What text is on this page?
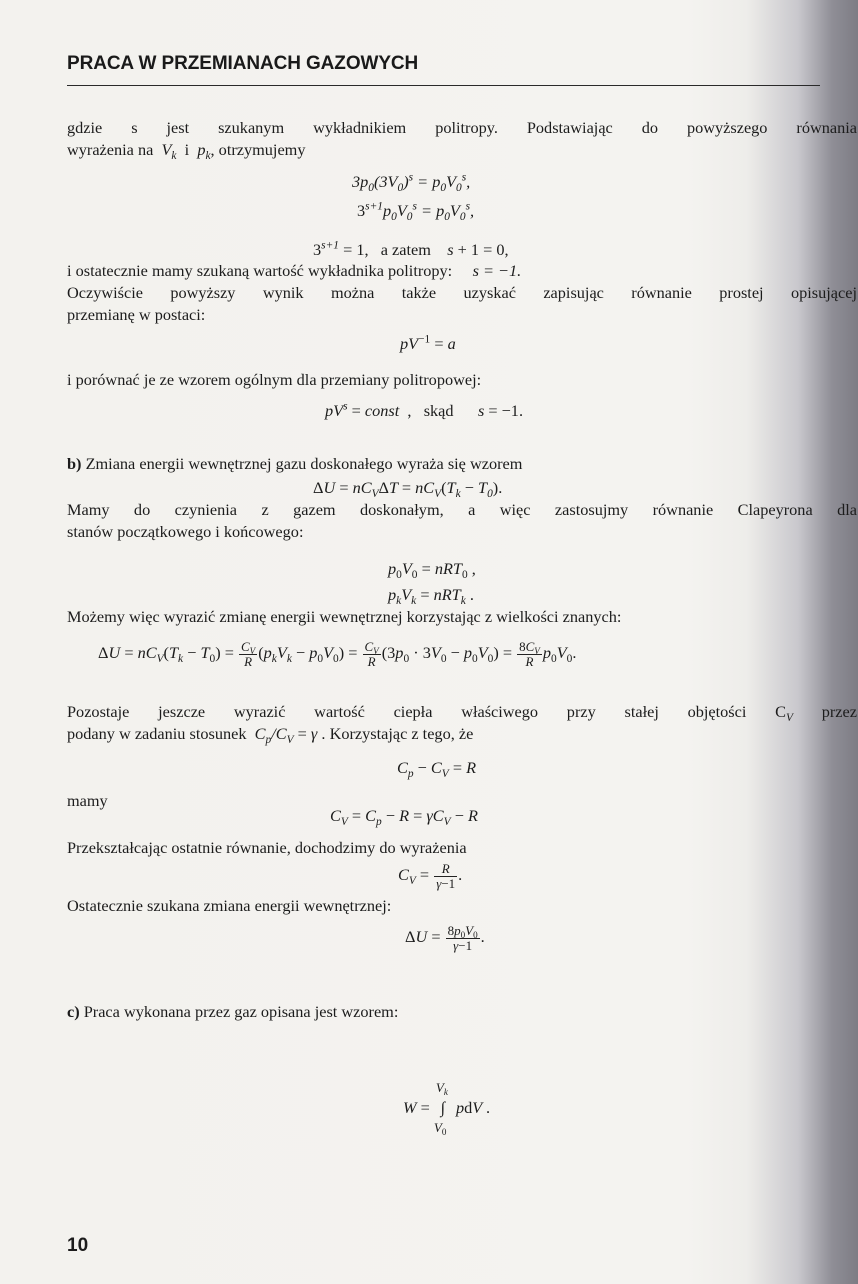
PRACA W PRZEMIANACH GAZOWYCH
gdzie s jest szukanym wykładnikiem politropy. Podstawiając do powyższego równania
wyrażenia na $V_k$ i $p_k$, otrzymujemy
$3p_0(3V_0)^s = p_0V_0^s$,
$3^{s+1}p_0V_0^s = p_0V_0^s$,
$3^{s+1} = 1$,   a zatem    s + 1 = 0,
i ostatecznie mamy szukaną wartość wykładnika politropy: s = −1.
Oczywiście powyższy wynik można także uzyskać zapisując równanie prostej opisującej
przemianę w postaci:
$pV^{-1} = a$
i porównać je ze wzorem ogólnym dla przemiany politropowej:
$pV^s$ = const  ,   skąd      s = −1.
b) Zmiana energii wewnętrznej gazu doskonałego wyraża się wzorem
$\Delta U = nC_V\Delta T = nC_V(T_k - T_0)$.
Mamy do czynienia z gazem doskonałym, a więc zastosujmy równanie Clapeyrona dla
stanów początkowego i końcowego:
$p_0V_0 = nRT_0$ ,
$p_kV_k = nRT_k$ .
Możemy więc wyrazić zmianę energii wewnętrznej korzystając z wielkości znanych:
$\Delta U = nC_V(T_k - T_0) = \frac{C_V}{R} (p_kV_k - p_0V_0) = \frac{C_V}{R} (3p_0 \cdot 3V_0 - p_0V_0) = \frac{8C_V}{R} p_0V_0$.
Pozostaje jeszcze wyrazić wartość ciepła właściwego przy stałej objętości $C_V$ przez
podany w zadaniu stosunek $C_p/C_V = \gamma$ . Korzystając z tego, że
$C_p - C_V = R$
mamy
$C_V = C_p - R = \gamma C_V - R$
Przekształcając ostatnie równanie, dochodzimy do wyrażenia
$C_V = \frac{R}{\gamma-1}$ .
Ostatecznie szukana zmiana energii wewnętrznej:
$\Delta U = \frac{8p_0V_0}{\gamma-1}$ .
c) Praca wykonana przez gaz opisana jest wzorem:
W =
$V_k$
∫
$V_0$
pdV .
10
